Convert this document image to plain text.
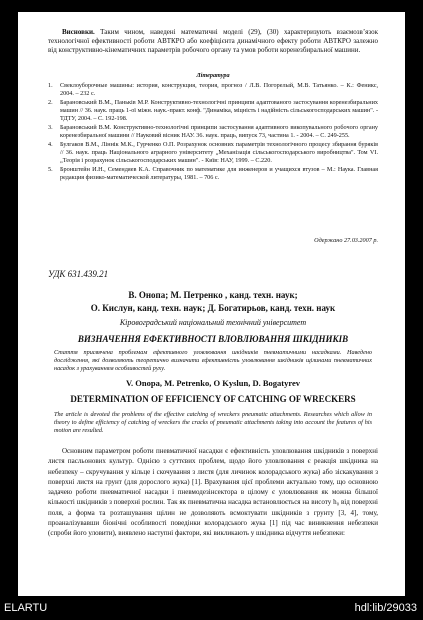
Висновки. Таким чином, наведені математичні моделі (29), (30) характеризують взаємозв’язок технологічної ефективності роботи АВТКРО або коефіцієнта динамічного ефекту роботи АВТКРО залежно від конструктивно-кінематичних параметрів робочого органу та умов роботи коренезбиральної машини.
Література
1. Свеклоуборочные машины: история, конструкция, теория, прогноз / Л.В. Погорелый, М.В. Татьянко. – К.: Феникс, 2004. – 232 с.
2. Барановський В.М., Паньків М.Р. Конструктивно-технологічні принципи адаптованого застосування коренезбиральних машин // 36. наук. праць 1-ої міжн. наук.-практ. конф. "Динаміка, міцність і надійність сільськогосподарських машин". - ТДТУ, 2004. – С. 192-198.
3. Барановський В.М. Конструктивно-технологічні принципи застосування адаптивного викопувального робочого органу коренезбиральної машини // Науковий вісник НАУ. 36. наук. праць, випуск 73, частина 1. - 2004. – С. 249-255.
4. Булгаков В.М., Ліннік М.К., Гурченко О.П. Розрахунок основних параметрів технологічного процесу збирання буряків // 36. наук. праць Національного аграрного університету „Механізація сільськогосподарського виробництва". Том VI. „Теорія і розрахунок сільськогосподарських машин". - Київ: НАУ, 1999. – С.220.
5. Бронштейн И.Н., Семендяев К.А. Справочник по математике для инженеров и учащихся втузов – М.: Наука. Главная редакция физико-математической литературы, 1981. – 706 с.
Одержано 27.03.2007 р.
УДК 631.439.21
В. Онопа; М. Петренко , канд. техн. наук;
О. Кислун, канд. техн. наук; Д. Богатирьов, канд. техн. наук
Кіровоградський національний технічний університет
ВИЗНАЧЕННЯ ЕФЕКТИВНОСТІ ВЛОВЛЮВАННЯ ШКІДНИКІВ
Стаття присвячена проблемам ефективного уловлювання шкідників пневматичними насадками. Наведено дослідження, які дозволяють теоретично визначити ефективність уловлювання шкідників щілинами пневматичних насадок з урахуванням особливостей руху.
V. Onopa, M. Petrenko, O Kyslun, D. Bogatyrev
DETERMINATION OF EFFICIENCY OF CATCHING OF WRECKERS
The article is devoted the problems of the effective catching of wreckers pneumatic attachments. Researches which allow in theory to define efficiency of catching of wreckers the cracks of pneumatic attachments taking into account the features of his motion are resulted.
Основним параметром роботи пневматичної насадки є ефективність уловлювання шкідників з поверхні листя пасльонових культур. Однією з суттєвих проблем, щодо його уловлювання є реакція шкідника на небезпеку – скручування у кільце і скочування з листя (для личинок колорадського жука) або зіскакування з поверхні листя на грунт (для дорослого жука) [1]. Врахування цієї проблеми актуально тому, що основною задачею роботи пневматичної насадки і пневмодезінсектора в цілому є уловлювання як можна більшої кількості шкідників з поверхні рослин. Так як пневматична насадка встановлюється на висоту h₀ від поверхні поля, а форма та розташування щілин не дозволяють всмоктувати шкідників з грунту [3, 4], тому, проаналізувавши біонічні особливості поведінки колорадського жука [1] під час виникнення небезпеки (спроби його уловити), виявлено наступні фактори, які викликають у шкідника відчуття небезпеки:
ELARTU	hdl:lib/29033
